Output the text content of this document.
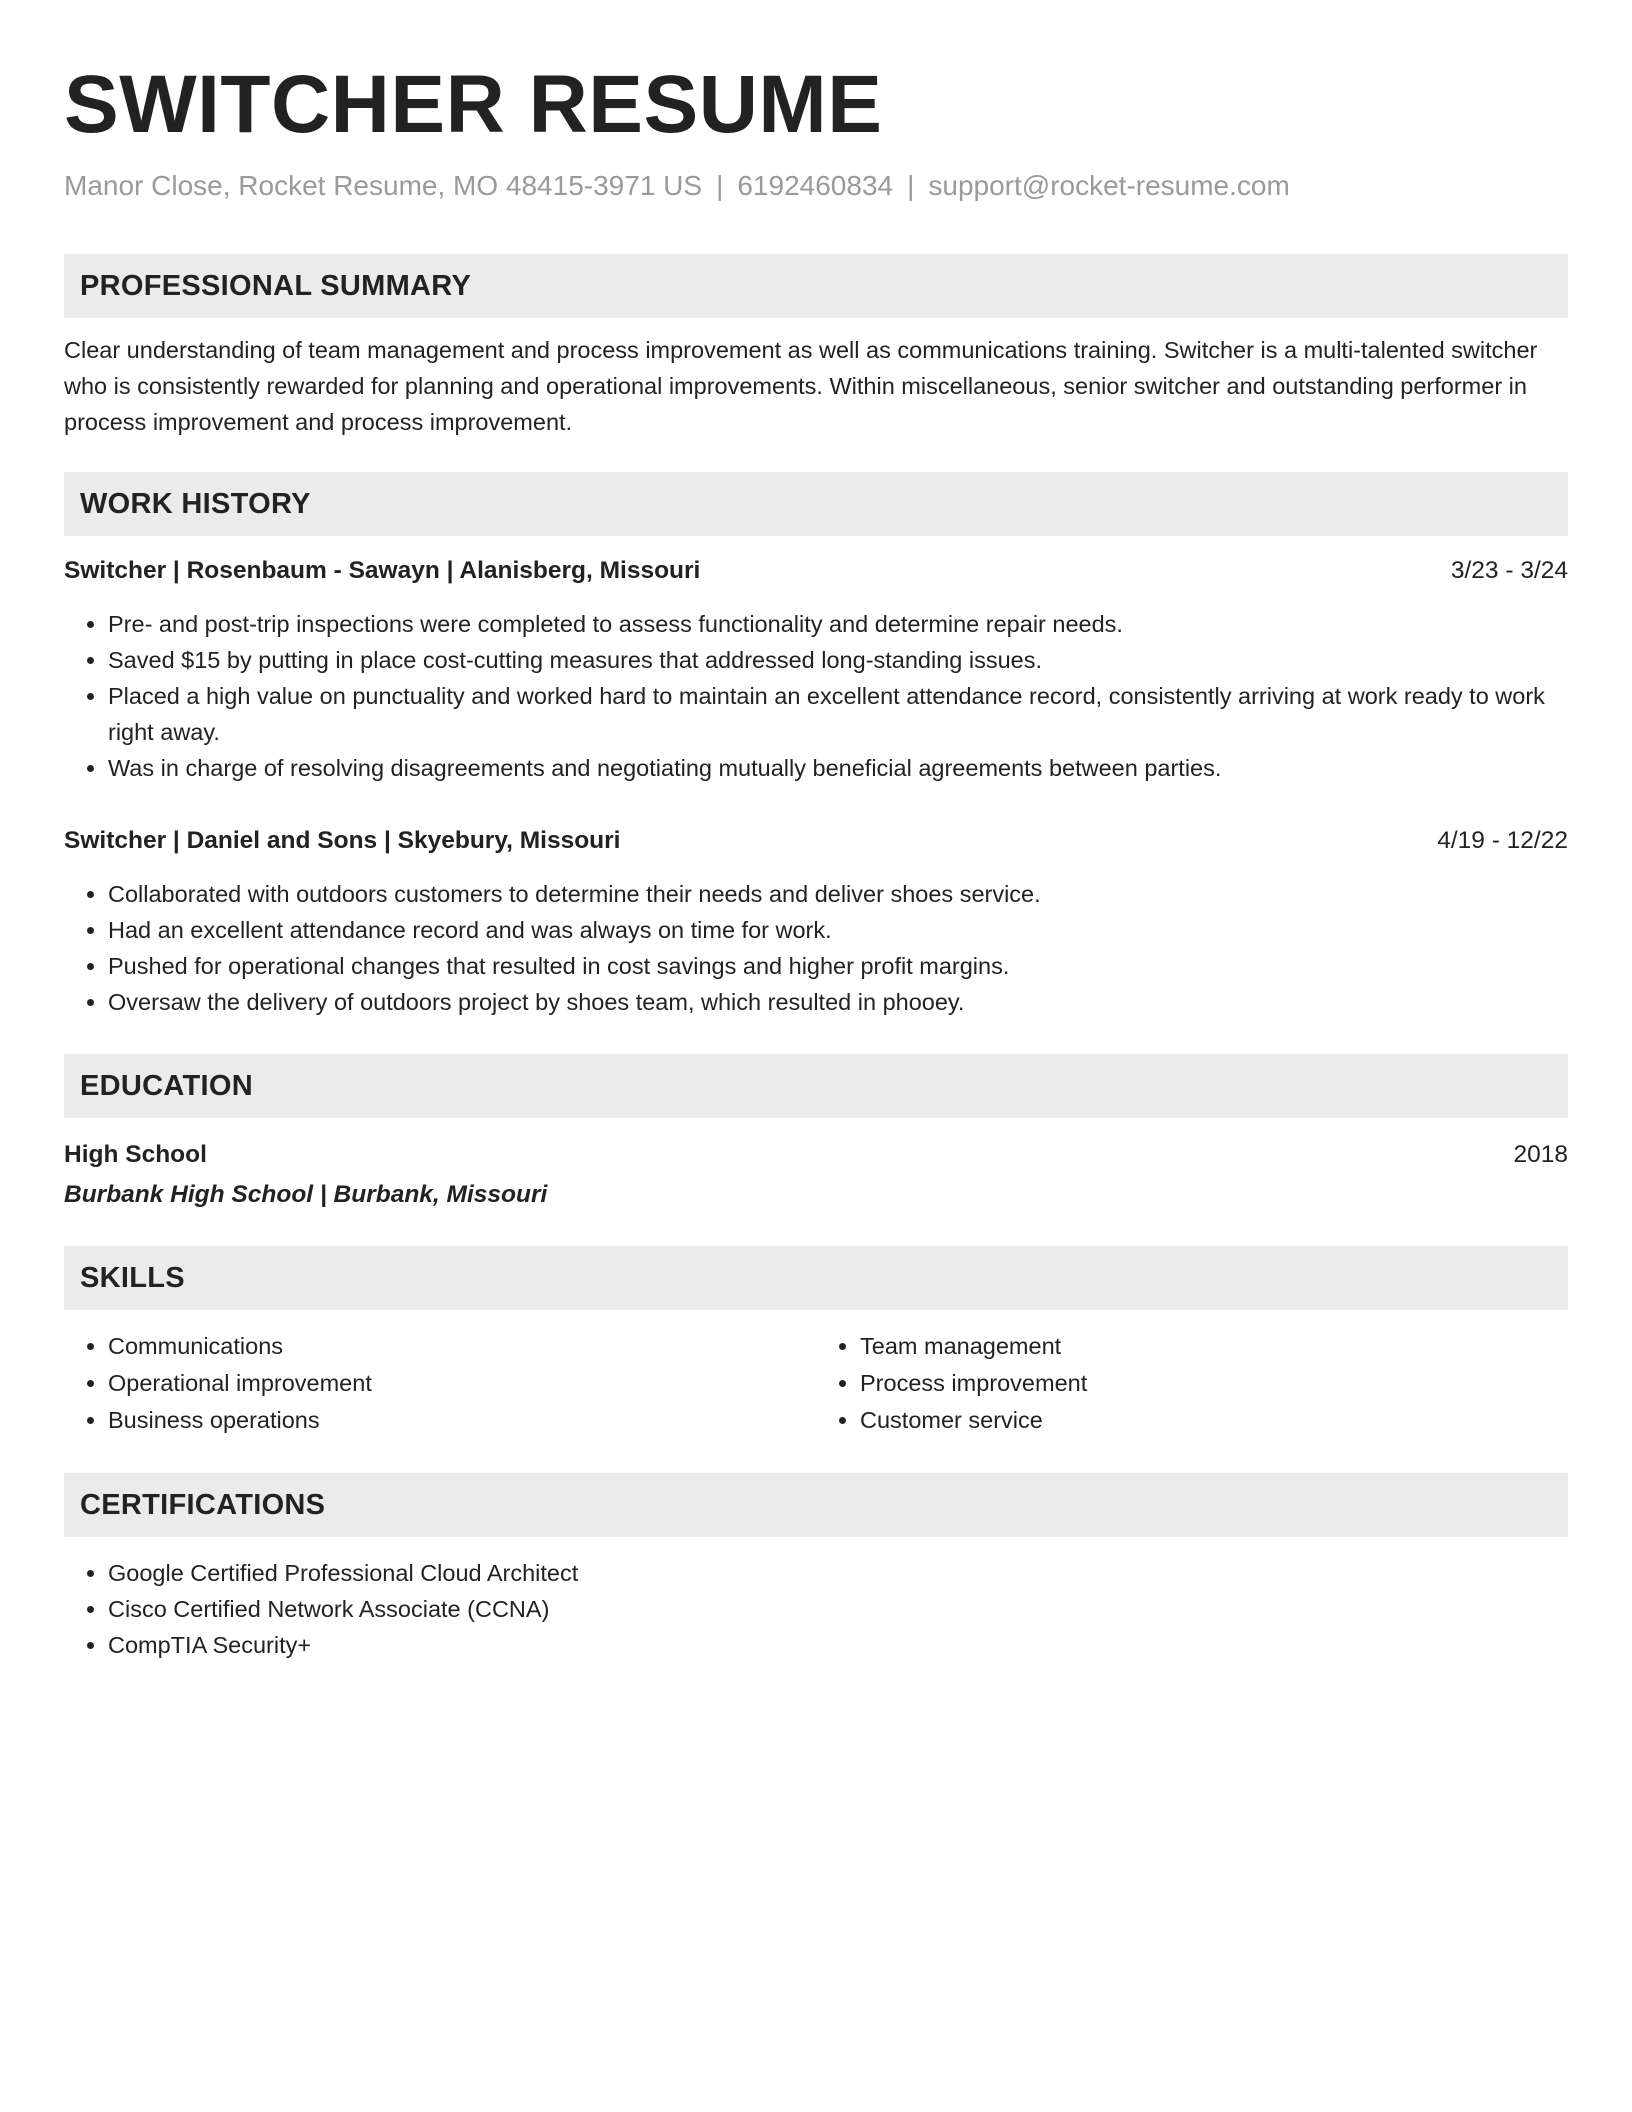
SWITCHER RESUME
Manor Close, Rocket Resume, MO 48415-3971 US | 6192460834 | support@rocket-resume.com
PROFESSIONAL SUMMARY
Clear understanding of team management and process improvement as well as communications training. Switcher is a multi-talented switcher who is consistently rewarded for planning and operational improvements. Within miscellaneous, senior switcher and outstanding performer in process improvement and process improvement.
WORK HISTORY
Switcher | Rosenbaum - Sawayn | Alanisberg, Missouri	3/23 - 3/24
• Pre- and post-trip inspections were completed to assess functionality and determine repair needs.
• Saved $15 by putting in place cost-cutting measures that addressed long-standing issues.
• Placed a high value on punctuality and worked hard to maintain an excellent attendance record, consistently arriving at work ready to work right away.
• Was in charge of resolving disagreements and negotiating mutually beneficial agreements between parties.
Switcher | Daniel and Sons | Skyebury, Missouri	4/19 - 12/22
• Collaborated with outdoors customers to determine their needs and deliver shoes service.
• Had an excellent attendance record and was always on time for work.
• Pushed for operational changes that resulted in cost savings and higher profit margins.
• Oversaw the delivery of outdoors project by shoes team, which resulted in phooey.
EDUCATION
High School	2018
Burbank High School | Burbank, Missouri
SKILLS
• Communications
• Operational improvement
• Business operations
• Team management
• Process improvement
• Customer service
CERTIFICATIONS
• Google Certified Professional Cloud Architect
• Cisco Certified Network Associate (CCNA)
• CompTIA Security+
